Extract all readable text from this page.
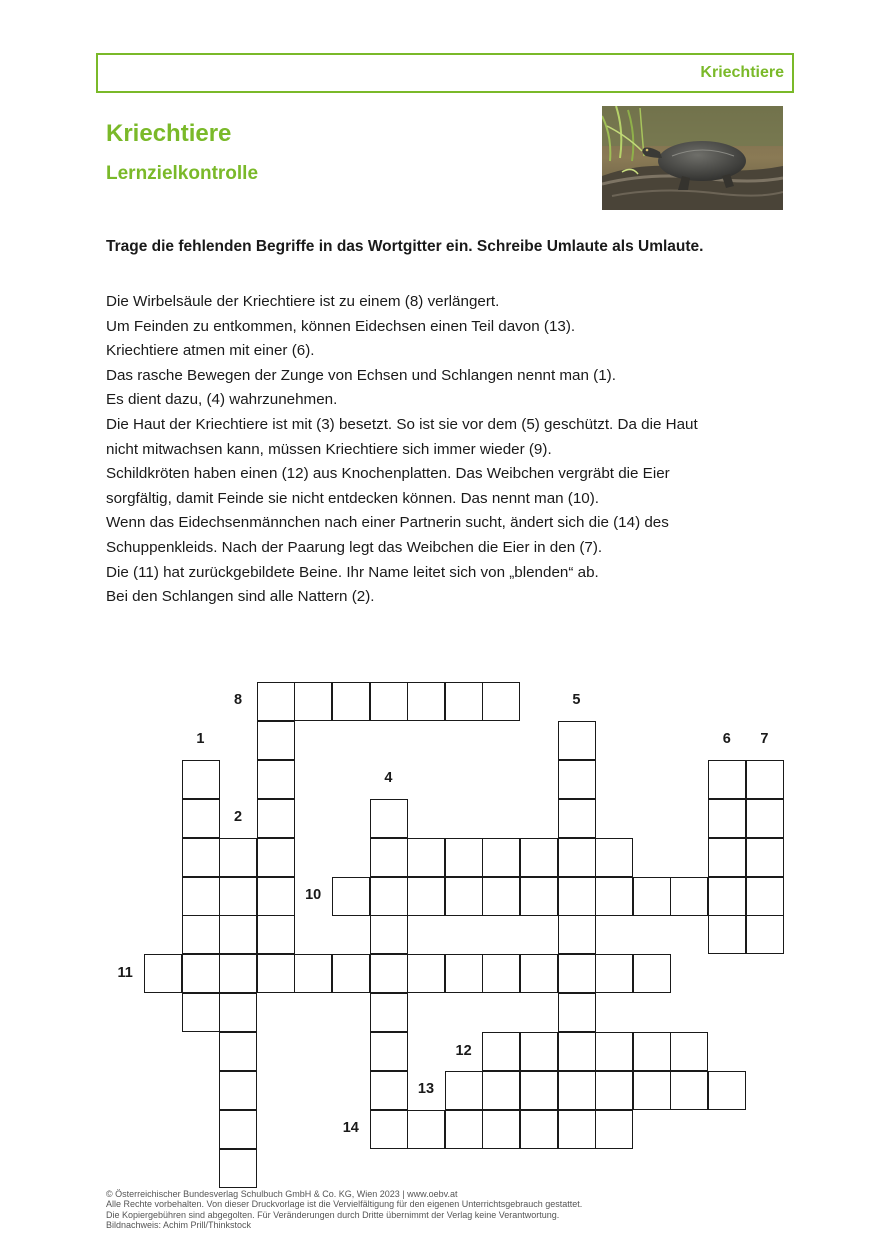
Kriechtiere
Kriechtiere
Lernzielkontrolle
Trage die fehlenden Begriffe in das Wortgitter ein. Schreibe Umlaute als Umlaute.
Die Wirbelsäule der Kriechtiere ist zu einem (8) verlängert.
Um Feinden zu entkommen, können Eidechsen einen Teil davon (13).
Kriechtiere atmen mit einer (6).
Das rasche Bewegen der Zunge von Echsen und Schlangen nennt man (1).
Es dient dazu, (4) wahrzunehmen.
Die Haut der Kriechtiere ist mit (3) besetzt. So ist sie vor dem (5) geschützt. Da die Haut
nicht mitwachsen kann, müssen Kriechtiere sich immer wieder (9).
Schildkröten haben einen (12) aus Knochenplatten. Das Weibchen vergräbt die Eier
sorgfältig, damit Feinde sie nicht entdecken können. Das nennt man (10).
Wenn das Eidechsenmännchen nach einer Partnerin sucht, ändert sich die (14) des
Schuppenkleids. Nach der Paarung legt das Weibchen die Eier in den (7).
Die (11) hat zurückgebildete Beine. Ihr Name leitet sich von „blenden“ ab.
Bei den Schlangen sind alle Nattern (2).
1
2
4
5
6	7
8
10
11
12
13
14
© Österreichischer Bundesverlag Schulbuch GmbH & Co. KG, Wien 2023 | www.oebv.at
Alle Rechte vorbehalten. Von dieser Druckvorlage ist die Vervielfältigung für den eigenen Unterrichtsgebrauch gestattet.
Die Kopiergebühren sind abgegolten. Für Veränderungen durch Dritte übernimmt der Verlag keine Verantwortung.
Bildnachweis: Achim Prill/Thinkstock
